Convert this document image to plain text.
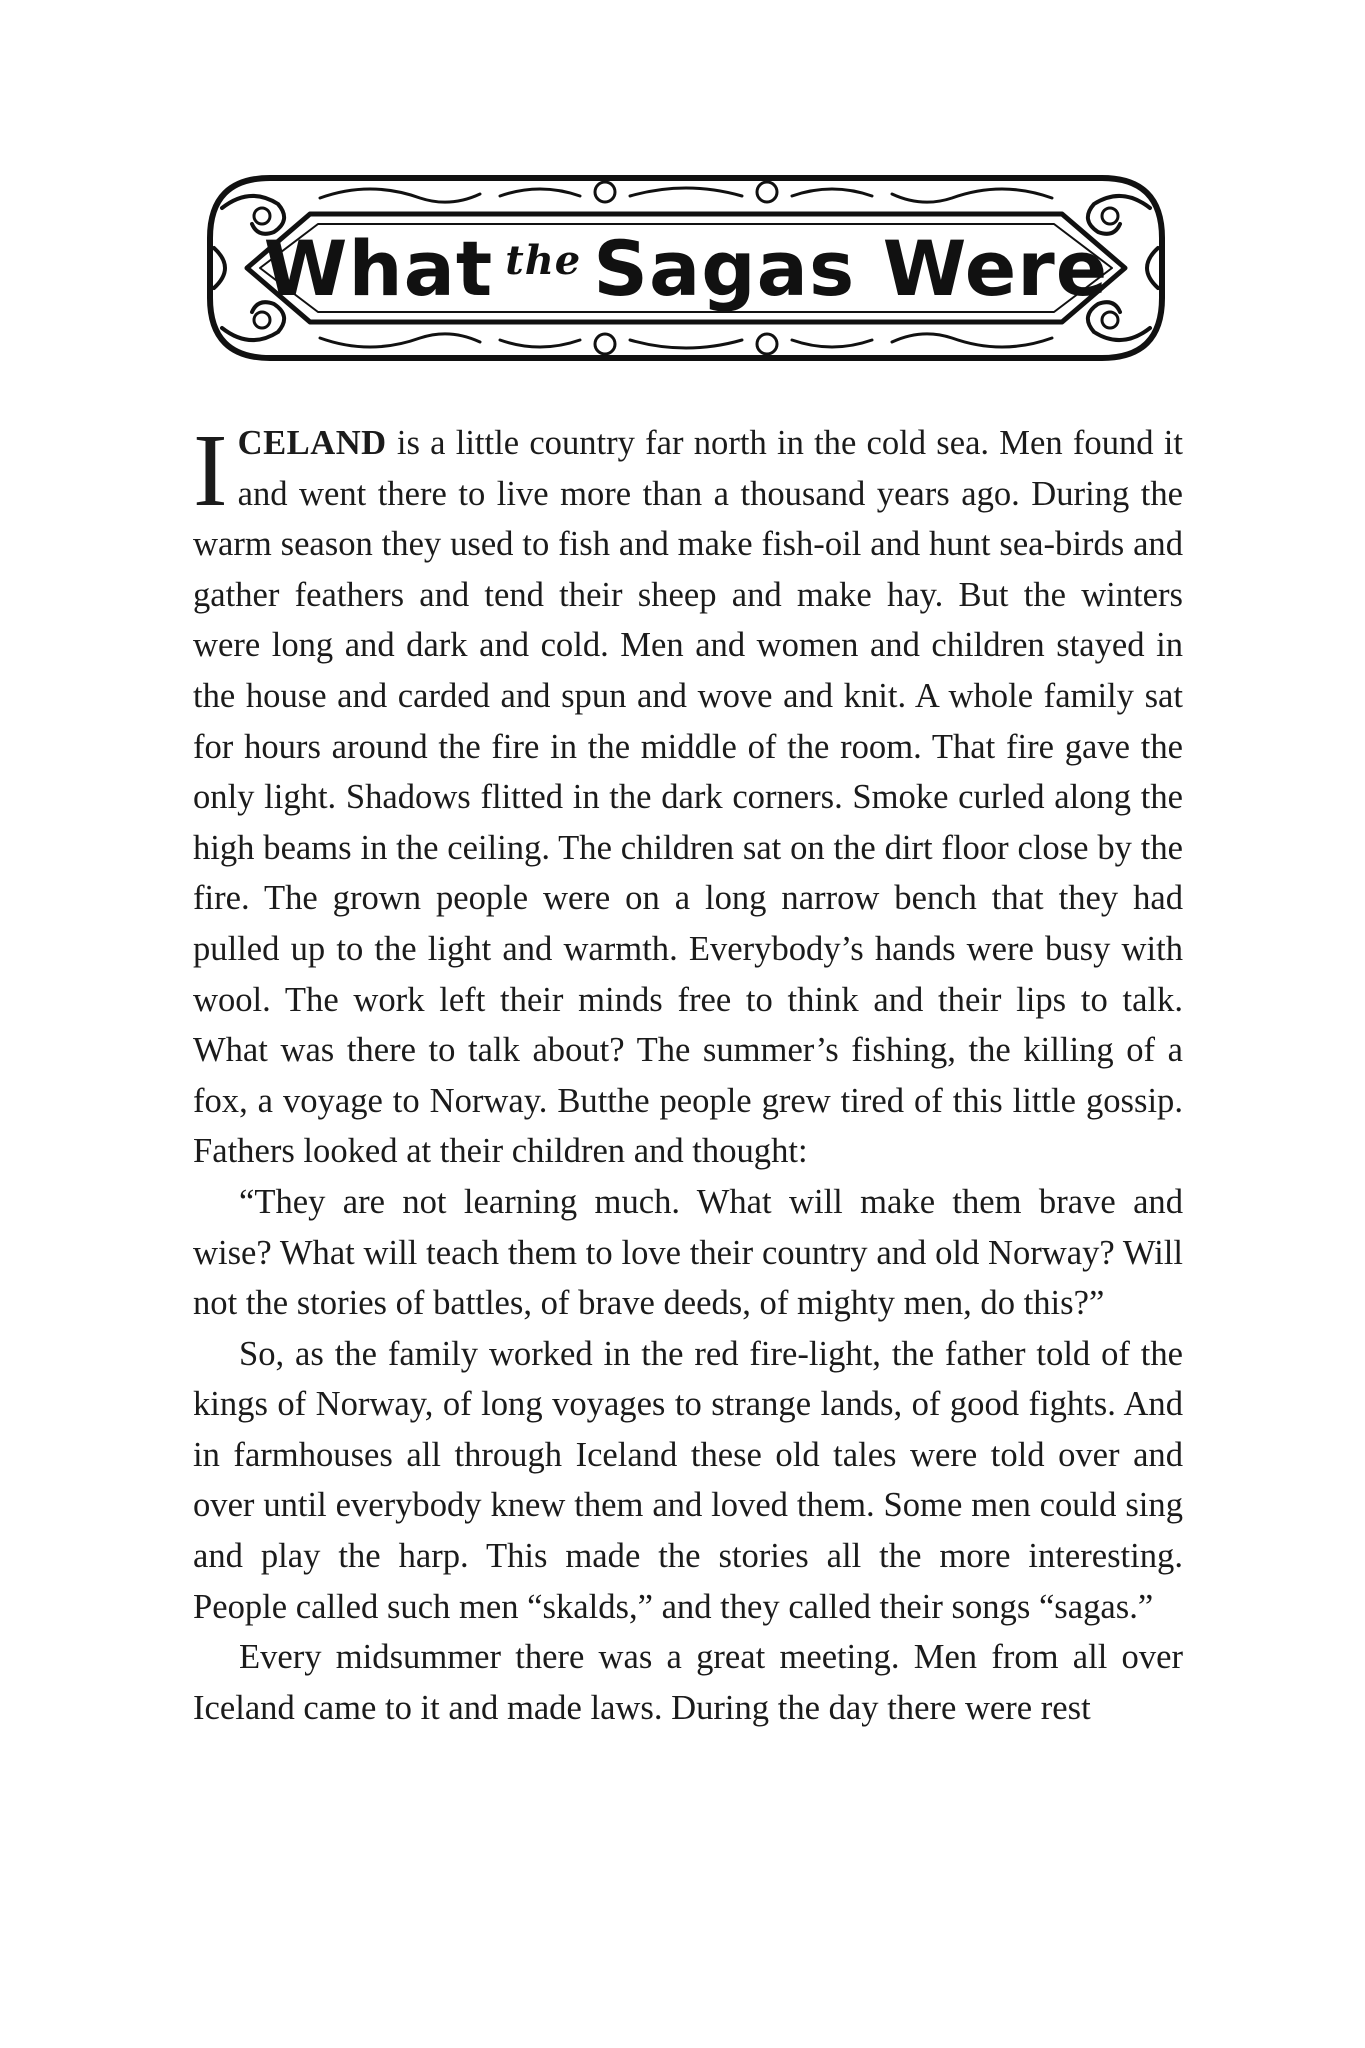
What the Sagas Were

ICELAND is a little country far north in the cold sea. Men found it and went there to live more than a thousand years ago. During the warm season they used to fish and make fish-oil and hunt sea-birds and gather feathers and tend their sheep and make hay. But the winters were long and dark and cold. Men and women and children stayed in the house and carded and spun and wove and knit. A whole family sat for hours around the fire in the middle of the room. That fire gave the only light. Shadows flitted in the dark corners. Smoke curled along the high beams in the ceiling. The children sat on the dirt floor close by the fire. The grown people were on a long narrow bench that they had pulled up to the light and warmth. Everybody’s hands were busy with wool. The work left their minds free to think and their lips to talk. What was there to talk about? The summer’s fishing, the killing of a fox, a voyage to Norway. Butthe people grew tired of this little gossip. Fathers looked at their children and thought:

“They are not learning much. What will make them brave and wise? What will teach them to love their country and old Norway? Will not the stories of battles, of brave deeds, of mighty men, do this?”

So, as the family worked in the red fire-light, the father told of the kings of Norway, of long voyages to strange lands, of good fights. And in farmhouses all through Iceland these old tales were told over and over until everybody knew them and loved them. Some men could sing and play the harp. This made the stories all the more interesting. People called such men “skalds,” and they called their songs “sagas.”

Every midsummer there was a great meeting. Men from all over Iceland came to it and made laws. During the day there were rest
